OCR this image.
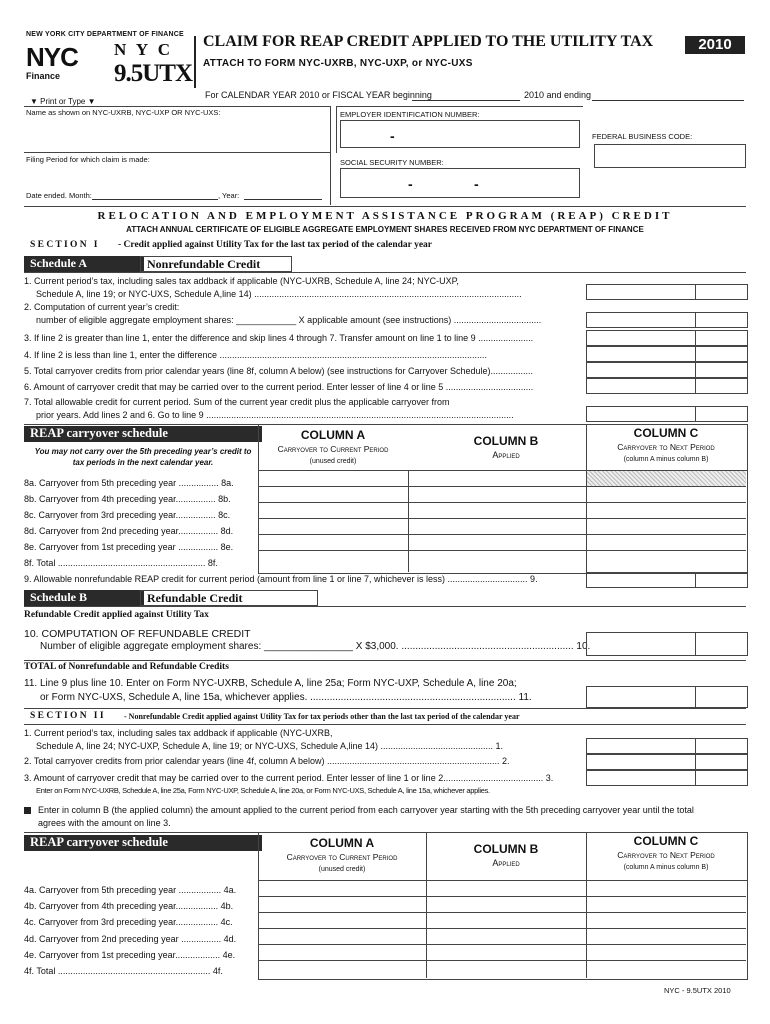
NEW YORK CITY DEPARTMENT OF FINANCE
NYC
Finance
N Y C
9.5UTX
CLAIM FOR REAP CREDIT APPLIED TO THE UTILITY TAX	2010
ATTACH TO FORM NYC-UXRB, NYC-UXP, or NYC-UXS
For CALENDAR YEAR 2010 or FISCAL YEAR beginning	2010 and ending
▼ Print or Type ▼
Name as shown on NYC-UXRB, NYC-UXP OR NYC-UXS:
Filing Period for which claim is made:
Date ended. Month:	, Year:
EMPLOYER IDENTIFICATION NUMBER:
-	FEDERAL BUSINESS CODE:
SOCIAL SECURITY NUMBER:
-	-
RELOCATION AND EMPLOYMENT ASSISTANCE PROGRAM (REAP) CREDIT
ATTACH ANNUAL CERTIFICATE OF ELIGIBLE AGGREGATE EMPLOYMENT SHARES RECEIVED FROM NYC DEPARTMENT OF FINANCE
S E C T I O N   I - Credit applied against Utility Tax for the last tax period of the calendar year
Schedule A	Nonrefundable Credit
1. Current period’s tax, including sales tax addback if applicable (NYC-UXRB, Schedule A, line 24; NYC-UXP,
Schedule A, line 19; or NYC-UXS, Schedule A,line 14) ...........................................................................................................
2. Computation of current year’s credit:
number of eligible aggregate employment shares: ____________ X applicable amount (see instructions) ...................................
3. If line 2 is greater than line 1, enter the difference and skip lines 4 through 7. Transfer amount on line 1 to line 9 ......................
4. If line 2 is less than line 1, enter the difference ...........................................................................................................
5. Total carryover credits from prior calendar years (line 8f, column A below) (see instructions for Carryover Schedule).................
6. Amount of carryover credit that may be carried over to the current period. Enter lesser of line 4 or line 5 ...................................
7. Total allowable credit for current period. Sum of the current year credit plus the applicable carryover from
prior years. Add lines 2 and 6. Go to line 9 ...........................................................................................................................
REAP carryover schedule
You may not carry over the 5th preceding year’s credit to tax periods in the next calendar year.
COLUMN A
Carryover to Current Period
(unused credit)
COLUMN B
Applied
COLUMN C
Carryover to Next Period
(column A minus column B)
8a. Carryover from 5th preceding year ................ 8a.
8b. Carryover from 4th preceding year................ 8b.
8c. Carryover from 3rd preceding year................ 8c.
8d. Carryover from 2nd preceding year................ 8d.
8e. Carryover from 1st preceding year ................ 8e.
8f. Total ........................................................... 8f.
9. Allowable nonrefundable REAP credit for current period (amount from line 1 or line 7, whichever is less) ................................ 9.
Schedule B	Refundable Credit
Refundable Credit applied against Utility Tax
10. COMPUTATION OF REFUNDABLE CREDIT
Number of eligible aggregate employment shares: ________________ X $3,000. .............................................................. 10.
TOTAL of Nonrefundable and Refundable Credits
11. Line 9 plus line 10. Enter on Form NYC-UXRB, Schedule A, line 25a; Form NYC-UXP, Schedule A, line 20a;
or Form NYC-UXS, Schedule A, line 15a, whichever applies. .......................................................................... 11.
S E C T I O N   I I	- Nonrefundable Credit applied against Utility Tax for tax periods other than the last tax period of the calendar year
1. Current period’s tax, including sales tax addback if applicable (NYC-UXRB,
Schedule A, line 24; NYC-UXP, Schedule A, line 19; or NYC-UXS, Schedule A,line 14) ............................................. 1.
2. Total carryover credits from prior calendar years (line 4f, column A below) ..................................................................... 2.
3. Amount of carryover credit that may be carried over to the current period. Enter lesser of line 1 or line 2........................................ 3.
Enter on Form NYC-UXRB, Schedule A, line 25a, Form NYC-UXP, Schedule A, line 20a, or Form NYC-UXS, Schedule A, line 15a, whichever applies.
Enter in column B (the applied column) the amount applied to the current period from each carryover year starting with the 5th preceding carryover year until the total
agrees with the amount on line 3.
REAP carryover schedule	COLUMN A
Carryover to Current Period
(unused credit)
COLUMN B
Applied
COLUMN C
Carryover to Next Period
(column A minus column B)
4a. Carryover from 5th preceding year ................. 4a.
4b. Carryover from 4th preceding year................. 4b.
4c. Carryover from 3rd preceding year................. 4c.
4d. Carryover from 2nd preceding year ................ 4d.
4e. Carryover from 1st preceding year.................. 4e.
4f. Total ............................................................. 4f.
NYC - 9.5UTX 2010
